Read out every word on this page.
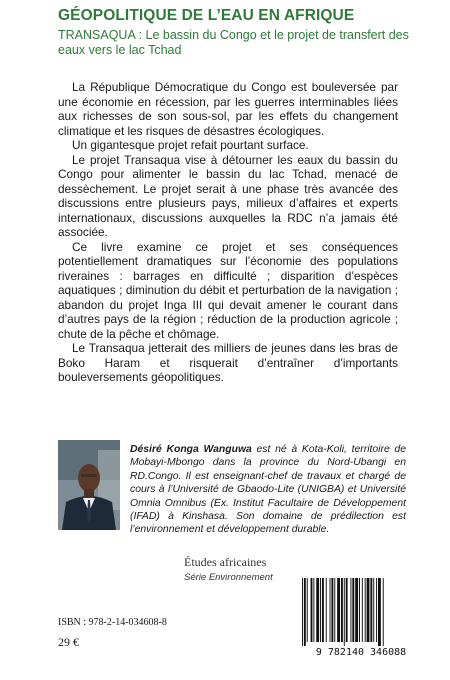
GÉOPOLITIQUE DE L’EAU EN AFRIQUE
TRANSAQUA : Le bassin du Congo et le projet de transfert des eaux vers le lac Tchad

La République Démocratique du Congo est bouleversée par une économie en récession, par les guerres interminables liées aux richesses de son sous-sol, par les effets du changement climatique et les risques de désastres écologiques.

Un gigantesque projet refait pourtant surface.

Le projet Transaqua vise à détourner les eaux du bassin du Congo pour alimenter le bassin du lac Tchad, menacé de dessèchement. Le projet serait à une phase très avancée des discussions entre plusieurs pays, milieux d’affaires et experts internationaux, discussions auxquelles la RDC n’a jamais été associée.

Ce livre examine ce projet et ses conséquences potentiellement dramatiques sur l’économie des populations riveraines : barrages en difficulté ; disparition d’espèces aquatiques ; diminution du débit et perturbation de la navigation ; abandon du projet Inga III qui devait amener le courant dans d’autres pays de la région ; réduction de la production agricole ; chute de la pêche et chômage.

Le Transaqua jetterait des milliers de jeunes dans les bras de Boko Haram et risquerait d’entraîner d’importants bouleversements géopolitiques.

Désiré Konga Wanguwa est né à Kota-Koli, territoire de Mobayi-Mbongo dans la province du Nord-Ubangi en RD.Congo. Il est enseignant-chef de travaux et chargé de cours à l’Université de Gbaodo-Lite (UNIGBA) et Université Omnia Omnibus (Ex. Institut Facultaire de Développement (IFAD) à Kinshasa. Son domaine de prédilection est l’environnement et développement durable.
Études africaines
Série Environnement
ISBN : 978-2-14-034608-8
29 €
9 782140 346088
